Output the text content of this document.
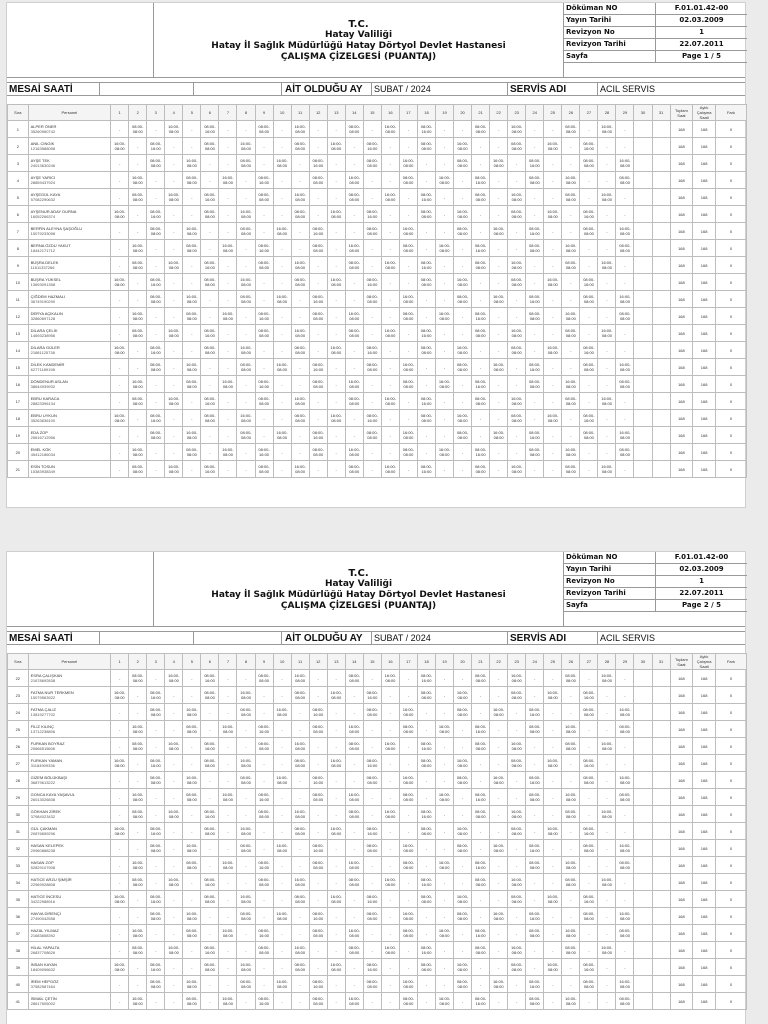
T.C.
Hatay Valiliği
Hatay İl Sağlık Müdürlüğü Hatay Dörtyol Devlet Hastanesi
ÇALIŞMA ÇİZELGESİ (PUANTAJ)
Döküman NO	F.01.01.42-00
Yayın Tarihi	02.03.2009
Revizyon No	1
Revizyon Tarihi	22.07.2011
Sayfa	Page 1 / 5
MESAİ SAATİ	AİT OLDUĞU AY	SUBAT / 2024	SERVİS ADI	ACIL SERVIS
Sıra	Personel	1	2	3	4	5	6	7	8	9	10	11	12	13	14	15	16	17	18	19	20	21	22	23	24	25	26	27	28	29	30	31	Toplam Saat	Aylık Çalışma Saati	Fark
1	ALPER ÖNER
35260960742	-	08:00- 08:00	-	16:00- 08:00	-	08:00- 16:00	-	-	08:00- 08:00	-	16:00- 08:00	-	-	08:00- 08:00	-	16:00- 08:00	-	08:00- 16:00	-	-	08:00- 08:00	-	16:00- 08:00	-	-	08:00- 08:00	-	16:00- 08:00	-			168	168	0
2	ANIL CINGIK
12163588058	16:00- 08:00	-	08:00- 16:00	-	-	08:00- 08:00	-	16:00- 08:00	-	-	08:00- 08:00	-	16:00- 08:00	-	08:00- 16:00	-	-	08:00- 08:00	-	16:00- 08:00	-	-	08:00- 08:00	-	16:00- 08:00	-	08:00- 16:00	-	-			168	168	0
3	AYŞE TEK
24013630246	-	-	08:00- 08:00	-	16:00- 08:00	-	-	08:00- 08:00	-	16:00- 08:00	-	08:00- 16:00	-	-	08:00- 08:00	-	16:00- 08:00	-	-	08:00- 08:00	-	16:00- 08:00	-	08:00- 16:00	-	-	08:00- 08:00	-	16:00- 08:00			168	168	0
4	AYŞE YARICI
28859437924	-	16:00- 08:00	-	-	08:00- 08:00	-	16:00- 08:00	-	08:00- 16:00	-	-	08:00- 08:00	-	16:00- 08:00	-	-	08:00- 08:00	-	16:00- 08:00	-	08:00- 16:00	-	-	08:00- 08:00	-	16:00- 08:00	-	-	08:00- 08:00			168	168	0
5	AYŞEGÜL KAYA
57082290632	-	08:00- 08:00	-	16:00- 08:00	-	08:00- 16:00	-	-	08:00- 08:00	-	16:00- 08:00	-	-	08:00- 08:00	-	16:00- 08:00	-	08:00- 16:00	-	-	08:00- 08:00	-	16:00- 08:00	-	-	08:00- 08:00	-	16:00- 08:00	-			168	168	0
6	AYŞENUR ADAY DURNA
16052266374	16:00- 08:00	-	08:00- 16:00	-	-	08:00- 08:00	-	16:00- 08:00	-	-	08:00- 08:00	-	16:00- 08:00	-	08:00- 16:00	-	-	08:00- 08:00	-	16:00- 08:00	-	-	08:00- 08:00	-	16:00- 08:00	-	08:00- 16:00	-	-			168	168	0
7	BERFİN ALEYNA ŞAŞOĞLU
15079233098	-	-	08:00- 08:00	-	16:00- 08:00	-	-	08:00- 08:00	-	16:00- 08:00	-	08:00- 16:00	-	-	08:00- 08:00	-	16:00- 08:00	-	-	08:00- 08:00	-	16:00- 08:00	-	08:00- 16:00	-	-	08:00- 08:00	-	16:00- 08:00			168	168	0
8	BERNA ÖZDU YAKUT
18442171712	-	16:00- 08:00	-	-	08:00- 08:00	-	16:00- 08:00	-	08:00- 16:00	-	-	08:00- 08:00	-	16:00- 08:00	-	-	08:00- 08:00	-	16:00- 08:00	-	08:00- 16:00	-	-	08:00- 08:00	-	16:00- 08:00	-	-	08:00- 08:00			168	168	0
9	BÜŞRA DELEK
11611337266	-	08:00- 08:00	-	16:00- 08:00	-	08:00- 16:00	-	-	08:00- 08:00	-	16:00- 08:00	-	-	08:00- 08:00	-	16:00- 08:00	-	08:00- 16:00	-	-	08:00- 08:00	-	16:00- 08:00	-	-	08:00- 08:00	-	16:00- 08:00	-			168	168	0
10	BÜŞRA YÜKSEL
13693091358	16:00- 08:00	-	08:00- 16:00	-	-	08:00- 08:00	-	16:00- 08:00	-	-	08:00- 08:00	-	16:00- 08:00	-	08:00- 16:00	-	-	08:00- 08:00	-	16:00- 08:00	-	-	08:00- 08:00	-	16:00- 08:00	-	08:00- 16:00	-	-			168	168	0
11	ÇİĞDEM HAZMALI
36749190290	-	-	08:00- 08:00	-	16:00- 08:00	-	-	08:00- 08:00	-	16:00- 08:00	-	08:00- 16:00	-	-	08:00- 08:00	-	16:00- 08:00	-	-	08:00- 08:00	-	16:00- 08:00	-	08:00- 16:00	-	-	08:00- 08:00	-	16:00- 08:00			168	168	0
12	DERYA AÇIKALIN
32860697128	-	16:00- 08:00	-	-	08:00- 08:00	-	16:00- 08:00	-	08:00- 16:00	-	-	08:00- 08:00	-	16:00- 08:00	-	-	08:00- 08:00	-	16:00- 08:00	-	08:00- 16:00	-	-	08:00- 08:00	-	16:00- 08:00	-	-	08:00- 08:00			168	168	0
13	DİLARA ÇELİK
14693238956	-	08:00- 08:00	-	16:00- 08:00	-	08:00- 16:00	-	-	08:00- 08:00	-	16:00- 08:00	-	-	08:00- 08:00	-	16:00- 08:00	-	08:00- 16:00	-	-	08:00- 08:00	-	16:00- 08:00	-	-	08:00- 08:00	-	16:00- 08:00	-			168	168	0
14	DİLARA GÜLER
21881125738	16:00- 08:00	-	08:00- 16:00	-	-	08:00- 08:00	-	16:00- 08:00	-	-	08:00- 08:00	-	16:00- 08:00	-	08:00- 16:00	-	-	08:00- 08:00	-	16:00- 08:00	-	-	08:00- 08:00	-	16:00- 08:00	-	08:00- 16:00	-	-			168	168	0
15	DİLEK KANDEMİR
62771189198	-	-	08:00- 08:00	-	16:00- 08:00	-	-	08:00- 08:00	-	16:00- 08:00	-	08:00- 16:00	-	-	08:00- 08:00	-	16:00- 08:00	-	-	08:00- 08:00	-	16:00- 08:00	-	08:00- 16:00	-	-	08:00- 08:00	-	16:00- 08:00			168	168	0
16	DÖNDENUR ASLAN
38644939932	-	16:00- 08:00	-	-	08:00- 08:00	-	16:00- 08:00	-	08:00- 16:00	-	-	08:00- 08:00	-	16:00- 08:00	-	-	08:00- 08:00	-	16:00- 08:00	-	08:00- 16:00	-	-	08:00- 08:00	-	16:00- 08:00	-	-	08:00- 08:00			168	168	0
17	EBRU KARACA
28823396134	-	08:00- 08:00	-	16:00- 08:00	-	08:00- 16:00	-	-	08:00- 08:00	-	16:00- 08:00	-	-	08:00- 08:00	-	16:00- 08:00	-	08:00- 16:00	-	-	08:00- 08:00	-	16:00- 08:00	-	-	08:00- 08:00	-	16:00- 08:00	-			168	168	0
18	EBRU UYKUN
35263636100	16:00- 08:00	-	08:00- 16:00	-	-	08:00- 08:00	-	16:00- 08:00	-	-	08:00- 08:00	-	16:00- 08:00	-	08:00- 16:00	-	-	08:00- 08:00	-	16:00- 08:00	-	-	08:00- 08:00	-	16:00- 08:00	-	08:00- 16:00	-	-			168	168	0
19	EDA ZOP
25616712956	-	-	08:00- 08:00	-	16:00- 08:00	-	-	08:00- 08:00	-	16:00- 08:00	-	08:00- 16:00	-	-	08:00- 08:00	-	16:00- 08:00	-	-	08:00- 08:00	-	16:00- 08:00	-	08:00- 16:00	-	-	08:00- 08:00	-	16:00- 08:00			168	168	0
20	EMEL KÖK
45412186034	-	16:00- 08:00	-	-	08:00- 08:00	-	16:00- 08:00	-	08:00- 16:00	-	-	08:00- 08:00	-	16:00- 08:00	-	-	08:00- 08:00	-	16:00- 08:00	-	08:00- 16:00	-	-	08:00- 08:00	-	16:00- 08:00	-	-	08:00- 08:00			168	168	0
21	ESİN TOSUN
15383938349	-	08:00- 08:00	-	16:00- 08:00	-	08:00- 16:00	-	-	08:00- 08:00	-	16:00- 08:00	-	-	08:00- 08:00	-	16:00- 08:00	-	08:00- 16:00	-	-	08:00- 08:00	-	16:00- 08:00	-	-	08:00- 08:00	-	16:00- 08:00	-			168	168	0
T.C.
Hatay Valiliği
Hatay İl Sağlık Müdürlüğü Hatay Dörtyol Devlet Hastanesi
ÇALIŞMA ÇİZELGESİ (PUANTAJ)
Döküman NO	F.01.01.42-00
Yayın Tarihi	02.03.2009
Revizyon No	1
Revizyon Tarihi	22.07.2011
Sayfa	Page 2 / 5
MESAİ SAATİ	AİT OLDUĞU AY	SUBAT / 2024	SERVİS ADI	ACIL SERVIS
Sıra	Personel	1	2	3	4	5	6	7	8	9	10	11	12	13	14	15	16	17	18	19	20	21	22	23	24	25	26	27	28	29	30	31	Toplam Saat	Aylık Çalışma Saati	Fark
22	ESRA ÇALIŞKAN
21678692838	-	08:00- 08:00	-	16:00- 08:00	-	08:00- 16:00	-	-	08:00- 08:00	-	16:00- 08:00	-	-	08:00- 08:00	-	16:00- 08:00	-	08:00- 16:00	-	-	08:00- 08:00	-	16:00- 08:00	-	-	08:00- 08:00	-	16:00- 08:00	-			168	168	0
23	FATMA NUR TERKMEN
15079563922	16:00- 08:00	-	08:00- 16:00	-	-	08:00- 08:00	-	16:00- 08:00	-	-	08:00- 08:00	-	16:00- 08:00	-	08:00- 16:00	-	-	08:00- 08:00	-	16:00- 08:00	-	-	08:00- 08:00	-	16:00- 08:00	-	08:00- 16:00	-	-			168	168	0
24	FATMA ÇALIZ
13819277702	-	-	08:00- 08:00	-	16:00- 08:00	-	-	08:00- 08:00	-	16:00- 08:00	-	08:00- 16:00	-	-	08:00- 08:00	-	16:00- 08:00	-	-	08:00- 08:00	-	16:00- 08:00	-	08:00- 16:00	-	-	08:00- 08:00	-	16:00- 08:00			168	168	0
25	FİLİZ KILINÇ
13712238806	-	16:00- 08:00	-	-	08:00- 08:00	-	16:00- 08:00	-	08:00- 16:00	-	-	08:00- 08:00	-	16:00- 08:00	-	-	08:00- 08:00	-	16:00- 08:00	-	08:00- 16:00	-	-	08:00- 08:00	-	16:00- 08:00	-	-	08:00- 08:00			168	168	0
26	FURKAN BOYRAZ
20666515606	-	08:00- 08:00	-	16:00- 08:00	-	08:00- 16:00	-	-	08:00- 08:00	-	16:00- 08:00	-	-	08:00- 08:00	-	16:00- 08:00	-	08:00- 16:00	-	-	08:00- 08:00	-	16:00- 08:00	-	-	08:00- 08:00	-	16:00- 08:00	-			168	168	0
27	FURKAN YAMAN
31184909336	16:00- 08:00	-	08:00- 16:00	-	-	08:00- 08:00	-	16:00- 08:00	-	-	08:00- 08:00	-	16:00- 08:00	-	08:00- 16:00	-	-	08:00- 08:00	-	16:00- 08:00	-	-	08:00- 08:00	-	16:00- 08:00	-	08:00- 16:00	-	-			168	168	0
28	GİZEM BÖLÜKBAŞI
36879613222	-	-	08:00- 08:00	-	16:00- 08:00	-	-	08:00- 08:00	-	16:00- 08:00	-	08:00- 16:00	-	-	08:00- 08:00	-	16:00- 08:00	-	-	08:00- 08:00	-	16:00- 08:00	-	08:00- 16:00	-	-	08:00- 08:00	-	16:00- 08:00			168	168	0
29	GONCA KAYA YAŞAVUL
26013026838	-	16:00- 08:00	-	-	08:00- 08:00	-	16:00- 08:00	-	08:00- 16:00	-	-	08:00- 08:00	-	16:00- 08:00	-	-	08:00- 08:00	-	16:00- 08:00	-	08:00- 16:00	-	-	08:00- 08:00	-	16:00- 08:00	-	-	08:00- 08:00			168	168	0
30	GÖKHAN ZİREK
37984023432	-	08:00- 08:00	-	16:00- 08:00	-	08:00- 16:00	-	-	08:00- 08:00	-	16:00- 08:00	-	-	08:00- 08:00	-	16:00- 08:00	-	08:00- 16:00	-	-	08:00- 08:00	-	16:00- 08:00	-	-	08:00- 08:00	-	16:00- 08:00	-			168	168	0
31	GÜL ÇAKMAN
20876659296	16:00- 08:00	-	08:00- 16:00	-	-	08:00- 08:00	-	16:00- 08:00	-	-	08:00- 08:00	-	16:00- 08:00	-	08:00- 16:00	-	-	08:00- 08:00	-	16:00- 08:00	-	-	08:00- 08:00	-	16:00- 08:00	-	08:00- 16:00	-	-			168	168	0
32	HASAN KELEPEK
20960888238	-	-	08:00- 08:00	-	16:00- 08:00	-	-	08:00- 08:00	-	16:00- 08:00	-	08:00- 16:00	-	-	08:00- 08:00	-	16:00- 08:00	-	-	08:00- 08:00	-	16:00- 08:00	-	08:00- 16:00	-	-	08:00- 08:00	-	16:00- 08:00			168	168	0
33	HASAN ZOP
52829107908	-	16:00- 08:00	-	-	08:00- 08:00	-	16:00- 08:00	-	08:00- 16:00	-	-	08:00- 08:00	-	16:00- 08:00	-	-	08:00- 08:00	-	16:00- 08:00	-	08:00- 16:00	-	-	08:00- 08:00	-	16:00- 08:00	-	-	08:00- 08:00			168	168	0
34	HATİCE ARZU ŞİMŞİR
22969928808	-	08:00- 08:00	-	16:00- 08:00	-	08:00- 16:00	-	-	08:00- 08:00	-	16:00- 08:00	-	-	08:00- 08:00	-	16:00- 08:00	-	08:00- 16:00	-	-	08:00- 08:00	-	16:00- 08:00	-	-	08:00- 08:00	-	16:00- 08:00	-			168	168	0
35	HATİCE İNCESU
34222988916	16:00- 08:00	-	08:00- 16:00	-	-	08:00- 08:00	-	16:00- 08:00	-	-	08:00- 08:00	-	16:00- 08:00	-	08:00- 16:00	-	-	08:00- 08:00	-	16:00- 08:00	-	-	08:00- 08:00	-	16:00- 08:00	-	08:00- 16:00	-	-			168	168	0
36	HAVVA DİRENÇİ
27490042558	-	-	08:00- 08:00	-	16:00- 08:00	-	-	08:00- 08:00	-	16:00- 08:00	-	08:00- 16:00	-	-	08:00- 08:00	-	16:00- 08:00	-	-	08:00- 08:00	-	16:00- 08:00	-	08:00- 16:00	-	-	08:00- 08:00	-	16:00- 08:00			168	168	0
37	HAZAL YILMAZ
21683658392	-	16:00- 08:00	-	-	08:00- 08:00	-	16:00- 08:00	-	08:00- 16:00	-	-	08:00- 08:00	-	16:00- 08:00	-	-	08:00- 08:00	-	16:00- 08:00	-	08:00- 16:00	-	-	08:00- 08:00	-	16:00- 08:00	-	-	08:00- 08:00			168	168	0
38	HİLAL YAPALTA
26837708626	-	08:00- 08:00	-	16:00- 08:00	-	08:00- 16:00	-	-	08:00- 08:00	-	16:00- 08:00	-	-	08:00- 08:00	-	16:00- 08:00	-	08:00- 16:00	-	-	08:00- 08:00	-	16:00- 08:00	-	-	08:00- 08:00	-	16:00- 08:00	-			168	168	0
39	İNSAN KAYAN
18409096632	16:00- 08:00	-	08:00- 16:00	-	-	08:00- 08:00	-	16:00- 08:00	-	-	08:00- 08:00	-	16:00- 08:00	-	08:00- 16:00	-	-	08:00- 08:00	-	16:00- 08:00	-	-	08:00- 08:00	-	16:00- 08:00	-	08:00- 16:00	-	-			168	168	0
40	İREM HEPGÖZ
37582587464	-	-	08:00- 08:00	-	16:00- 08:00	-	-	08:00- 08:00	-	16:00- 08:00	-	08:00- 16:00	-	-	08:00- 08:00	-	16:00- 08:00	-	-	08:00- 08:00	-	16:00- 08:00	-	08:00- 16:00	-	-	08:00- 08:00	-	16:00- 08:00			168	168	0
41	İSMAİL ÇETİN
28617605002	-	16:00- 08:00	-	-	08:00- 08:00	-	16:00- 08:00	-	08:00- 16:00	-	-	08:00- 08:00	-	16:00- 08:00	-	-	08:00- 08:00	-	16:00- 08:00	-	08:00- 16:00	-	-	08:00- 08:00	-	16:00- 08:00	-	-	08:00- 08:00			168	168	0
